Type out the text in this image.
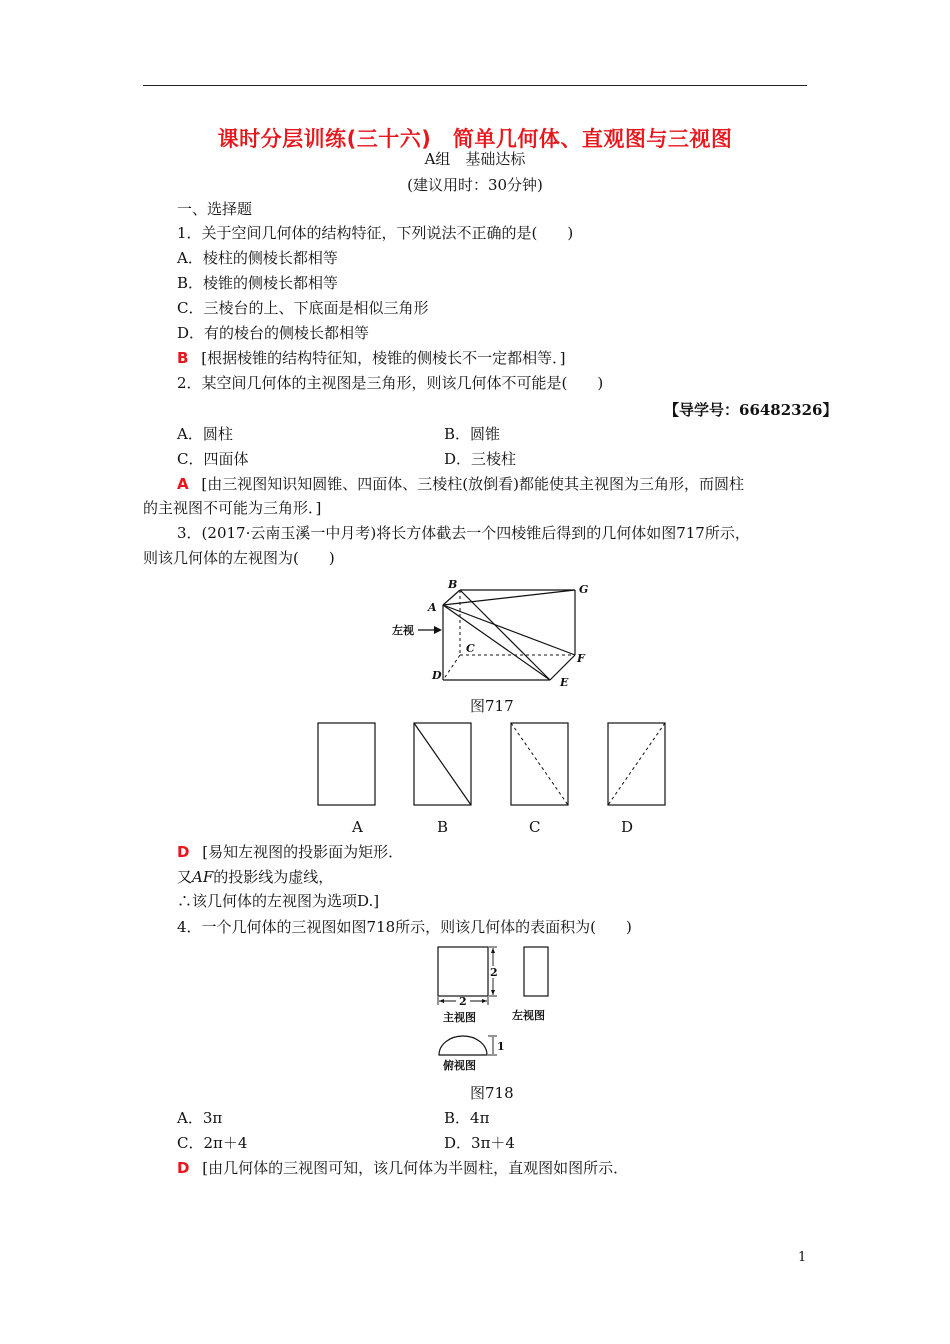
课时分层训练(三十六)　简单几何体、直观图与三视图
A组　基础达标
(建议用时：30分钟)
一、选择题
1．关于空间几何体的结构特征，下列说法不正确的是(　　)
A．棱柱的侧棱长都相等
B．棱锥的侧棱长都相等
C．三棱台的上、下底面是相似三角形
D．有的棱台的侧棱长都相等
B [根据棱锥的结构特征知，棱锥的侧棱长不一定都相等．]
2．某空间几何体的主视图是三角形，则该几何体不可能是(　　)
【导学号：66482326】
A．圆柱	B．圆锥
C．四面体	D．三棱柱
A [由三视图知识知圆锥、四面体、三棱柱(放倒看)都能使其主视图为三角形，而圆柱
的主视图不可能为三角形．]
3．(2017·云南玉溪一中月考)将长方体截去一个四棱锥后得到的几何体如图717所示，
则该几何体的左视图为(　　)
B	G
A
C
D
E
F
左视
图717
A	B	C	D
D [易知左视图的投影面为矩形．
又AF的投影线为虚线，
∴该几何体的左视图为选项D.]
4．一个几何体的三视图如图718所示，则该几何体的表面积为(　　)
2
2
1
主视图	左视图
俯视图
图718
A．3π	B．4π
C．2π＋4	D．3π＋4
D [由几何体的三视图可知，该几何体为半圆柱，直观图如图所示．
1
